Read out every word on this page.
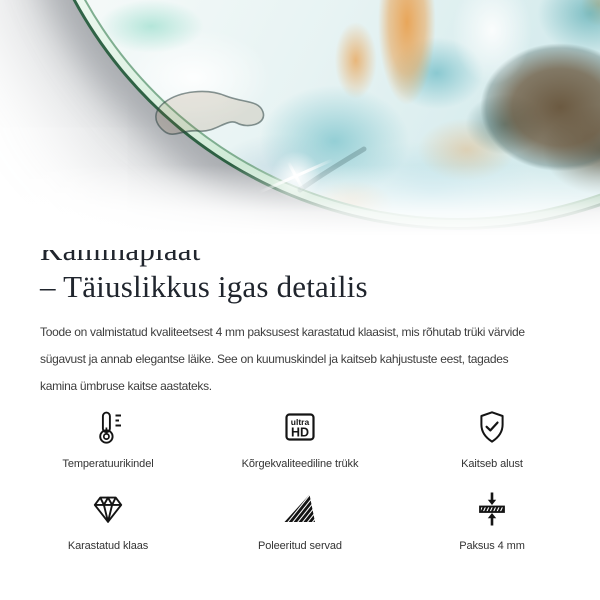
– Täiuslikkus igas detailis

Toode on valmistatud kvaliteetsest 4 mm paksusest karastatud klaasist, mis rõhutab trüki värvide
sügavust ja annab elegantse läike. See on kuumuskindel ja kaitseb kahjustuste eest, tagades
kamina ümbruse kaitse aastateks.

Temperatuurikindel
ultra
HD
Kõrgekvaliteediline trükk	Kaitseb alust
Karastatud klaas	Poleeritud servad	Paksus 4 mm
